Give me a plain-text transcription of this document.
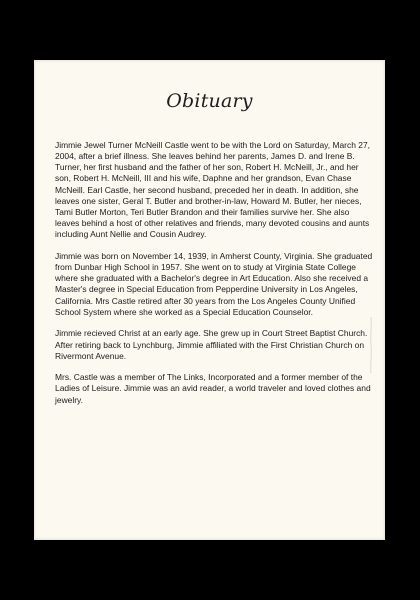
Obituary

Jimmie Jewel Turner McNeill Castle went to be with the Lord on Saturday, March 27, 2004, after a brief illness. She leaves behind her parents, James D. and Irene B. Turner, her first husband and the father of her son, Robert H. McNeill, Jr., and her son, Robert H. McNeill, III and his wife, Daphne and her grandson, Evan Chase McNeill. Earl Castle, her second husband, preceded her in death. In addition, she leaves one sister, Geral T. Butler and brother-in-law, Howard M. Butler, her nieces, Tami Butler Morton, Teri Butler Brandon and their families survive her. She also leaves behind a host of other relatives and friends, many devoted cousins and aunts including Aunt Nellie and Cousin Audrey.

Jimmie was born on November 14, 1939, in Amherst County, Virginia. She graduated from Dunbar High School in 1957. She went on to study at Virginia State College where she graduated with a Bachelor's degree in Art Education. Also she received a Master's degree in Special Education from Pepperdine University in Los Angeles, California. Mrs Castle retired after 30 years from the Los Angeles County Unified School System where she worked as a Special Education Counselor.

Jimmie recieved Christ at an early age. She grew up in Court Street Baptist Church. After retiring back to Lynchburg, Jimmie affiliated with the First Christian Church on Rivermont Avenue.

Mrs. Castle was a member of The Links, Incorporated and a former member of the Ladies of Leisure. Jimmie was an avid reader, a world traveler and loved clothes and jewelry.
